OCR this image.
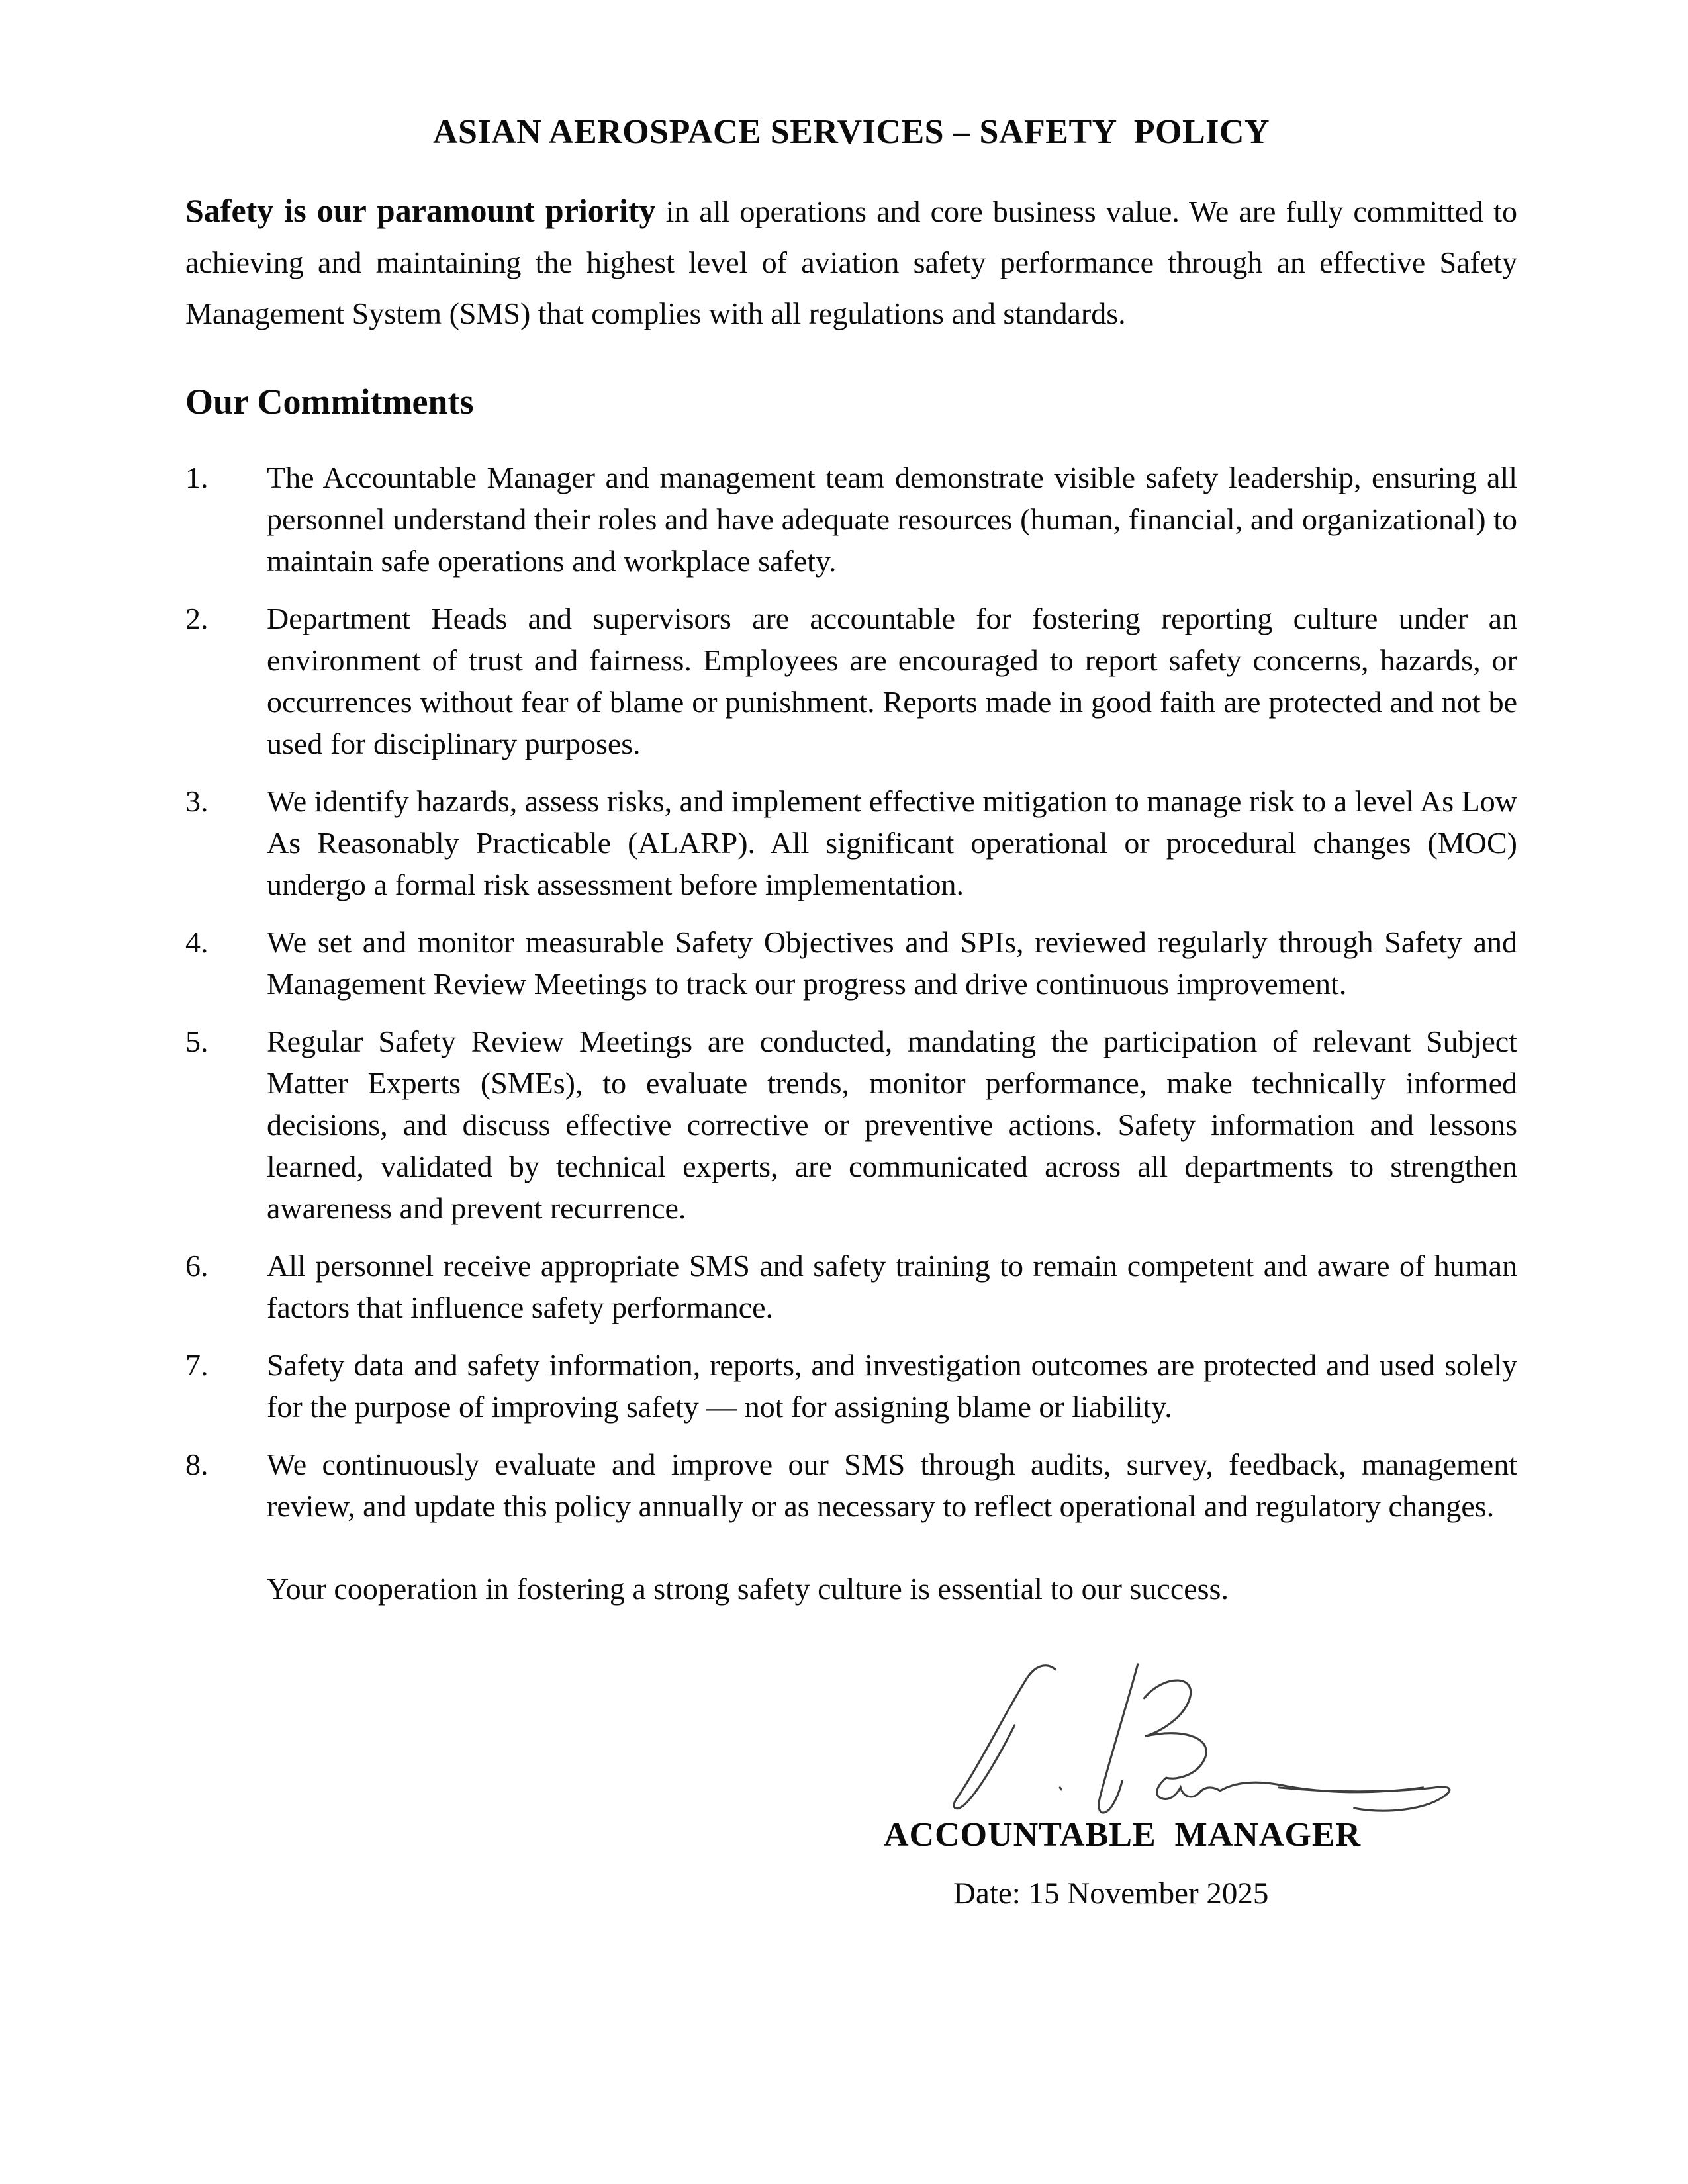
ASIAN AEROSPACE SERVICES – SAFETY  POLICY

Safety is our paramount priority in all operations and core business value. We are fully committed to achieving and maintaining the highest level of aviation safety performance through an effective Safety Management System (SMS) that complies with all regulations and standards.

Our Commitments
1.	The Accountable Manager and management team demonstrate visible safety leadership, ensuring all personnel understand their roles and have adequate resources (human, financial, and organizational) to maintain safe operations and workplace safety.
2.	Department Heads and supervisors are accountable for fostering reporting culture under an environment of trust and fairness. Employees are encouraged to report safety concerns, hazards, or occurrences without fear of blame or punishment. Reports made in good faith are protected and not be used for disciplinary purposes.
3.	We identify hazards, assess risks, and implement effective mitigation to manage risk to a level As Low As Reasonably Practicable (ALARP). All significant operational or procedural changes (MOC) undergo a formal risk assessment before implementation.
4.	We set and monitor measurable Safety Objectives and SPIs, reviewed regularly through Safety and Management Review Meetings to track our progress and drive continuous improvement.
5.	Regular Safety Review Meetings are conducted, mandating the participation of relevant Subject Matter Experts (SMEs), to evaluate trends, monitor performance, make technically informed decisions, and discuss effective corrective or preventive actions. Safety information and lessons learned, validated by technical experts, are communicated across all departments to strengthen awareness and prevent recurrence.
6.	All personnel receive appropriate SMS and safety training to remain competent and aware of human factors that influence safety performance.
7.	Safety data and safety information, reports, and investigation outcomes are protected and used solely for the purpose of improving safety — not for assigning blame or liability.
8.	We continuously evaluate and improve our SMS through audits, survey, feedback, management review, and update this policy annually or as necessary to reflect operational and regulatory changes.

Your cooperation in fostering a strong safety culture is essential to our success.

ACCOUNTABLE  MANAGER
Date: 15 November 2025
